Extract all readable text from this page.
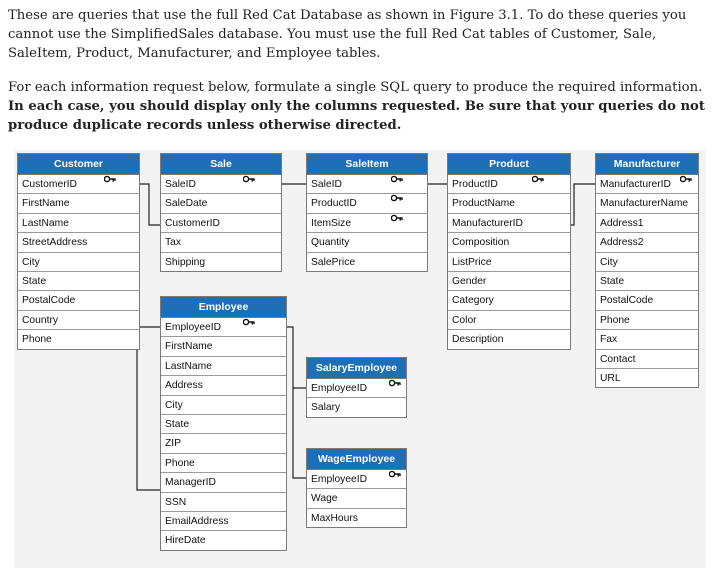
These are queries that use the full Red Cat Database as shown in Figure 3.1. To do these queries you cannot use the SimplifiedSales database. You must use the full Red Cat tables of Customer, Sale, SaleItem, Product, Manufacturer, and Employee tables.

For each information request below, formulate a single SQL query to produce the required information. In each case, you should display only the columns requested. Be sure that your queries do not produce duplicate records unless otherwise directed.

Customer
CustomerID
FirstName
LastName
StreetAddress
City
State
PostalCode
Country
Phone
Sale
SaleID
SaleDate
CustomerID
Tax
Shipping
SaleItem
SaleID
ProductID
ItemSize
Quantity
SalePrice
Product
ProductID
ProductName
ManufacturerID
Composition
ListPrice
Gender
Category
Color
Description
Manufacturer
ManufacturerID
ManufacturerName
Address1
Address2
City
State
PostalCode
Phone
Fax
Contact
URL
Employee
EmployeeID
FirstName
LastName
Address
City
State
ZIP
Phone
ManagerID
SSN
EmailAddress
HireDate
SalaryEmployee
EmployeeID
Salary
WageEmployee
EmployeeID
Wage
MaxHours
